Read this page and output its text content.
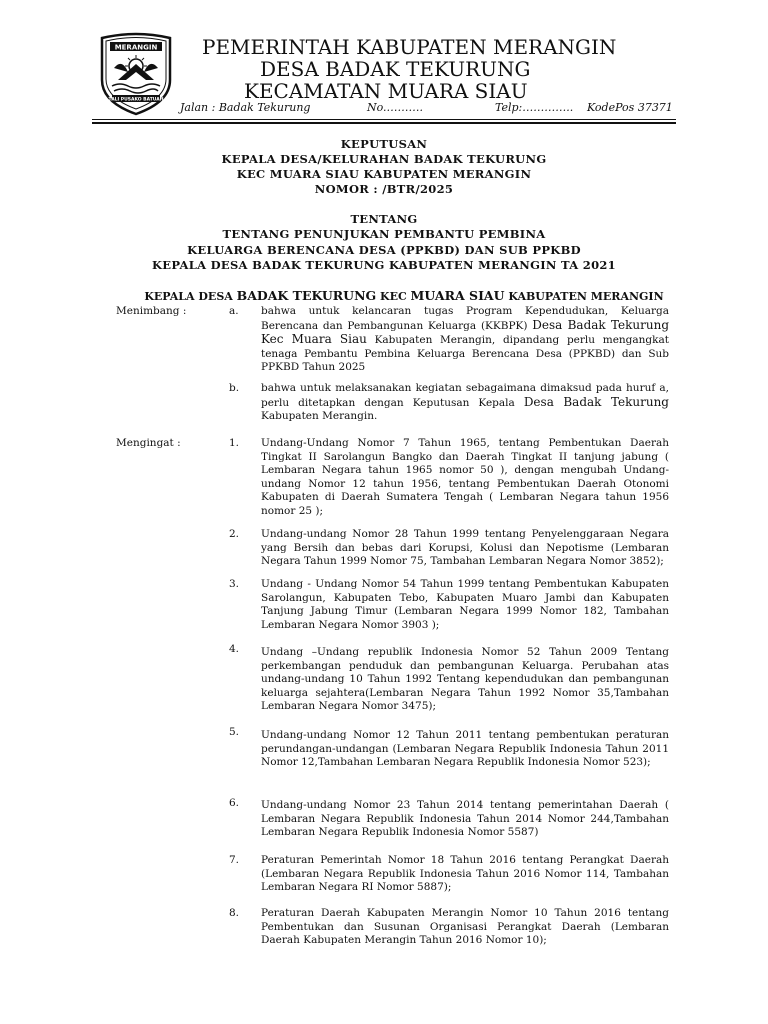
MERANGIN
TALI PUSAKO BATUAH
PEMERINTAH KABUPATEN MERANGIN
DESA BADAK TEKURUNG
KECAMATAN MUARA SIAU
Jalan : Badak Tekurung	No.……….	Telp:………….. KodePos 37371
KEPUTUSAN
KEPALA DESA/KELURAHAN BADAK TEKURUNG
KEC MUARA SIAU KABUPATEN MERANGIN
NOMOR : /BTR/2025
TENTANG
TENTANG PENUNJUKAN PEMBANTU PEMBINA
KELUARGA BERENCANA DESA (PPKBD) DAN SUB PPKBD
KEPALA DESA BADAK TEKURUNG KABUPATEN MERANGIN TA 2021
KEPALA DESA BADAK TEKURUNG KEC MUARA SIAU KABUPATEN MERANGIN
Menimbang :	a. bahwa untuk kelancaran tugas Program Kependudukan, Keluarga Berencana dan Pembangunan Keluarga (KKBPK) Desa Badak Tekurung Kec Muara Siau Kabupaten Merangin, dipandang perlu mengangkat tenaga Pembantu Pembina Keluarga Berencana Desa (PPKBD) dan Sub PPKBD Tahun 2025
b. bahwa untuk melaksanakan kegiatan sebagaimana dimaksud pada huruf a, perlu ditetapkan dengan Keputusan Kepala Desa Badak Tekurung Kabupaten Merangin.
Mengingat :	1. Undang-Undang Nomor 7 Tahun 1965, tentang Pembentukan Daerah Tingkat II Sarolangun Bangko dan Daerah Tingkat II tanjung jabung ( Lembaran Negara tahun 1965 nomor 50 ), dengan mengubah Undang-undang Nomor 12 tahun 1956, tentang Pembentukan Daerah Otonomi Kabupaten di Daerah Sumatera Tengah ( Lembaran Negara tahun 1956 nomor 25 );
2. Undang-undang Nomor 28 Tahun 1999 tentang Penyelenggaraan Negara yang Bersih dan bebas dari Korupsi, Kolusi dan Nepotisme (Lembaran Negara Tahun 1999 Nomor 75, Tambahan Lembaran Negara Nomor 3852);
3. Undang - Undang Nomor 54 Tahun 1999 tentang Pembentukan Kabupaten Sarolangun, Kabupaten Tebo, Kabupaten Muaro Jambi dan Kabupaten Tanjung Jabung Timur (Lembaran Negara 1999 Nomor 182, Tambahan Lembaran Negara Nomor 3903 );
4. Undang –Undang republik Indonesia Nomor 52 Tahun 2009 Tentang perkembangan penduduk dan pembangunan Keluarga. Perubahan atas undang-undang 10 Tahun 1992 Tentang kependudukan dan pembangunan keluarga sejahtera(Lembaran Negara Tahun 1992 Nomor 35,Tambahan Lembaran Negara Nomor 3475);
5. Undang-undang Nomor 12 Tahun 2011 tentang pembentukan peraturan perundangan-undangan (Lembaran Negara Republik Indonesia Tahun 2011 Nomor 12,Tambahan Lembaran Negara Republik Indonesia Nomor 523);
6. Undang-undang Nomor 23 Tahun 2014 tentang pemerintahan Daerah ( Lembaran Negara Republik Indonesia Tahun 2014 Nomor 244,Tambahan Lembaran Negara Republik Indonesia Nomor 5587)
7. Peraturan Pemerintah Nomor 18 Tahun 2016 tentang Perangkat Daerah (Lembaran Negara Republik Indonesia Tahun 2016 Nomor 114, Tambahan Lembaran Negara RI Nomor 5887);
8. Peraturan Daerah Kabupaten Merangin Nomor 10 Tahun 2016 tentang Pembentukan dan Susunan Organisasi Perangkat Daerah (Lembaran Daerah Kabupaten Merangin Tahun 2016 Nomor 10);
